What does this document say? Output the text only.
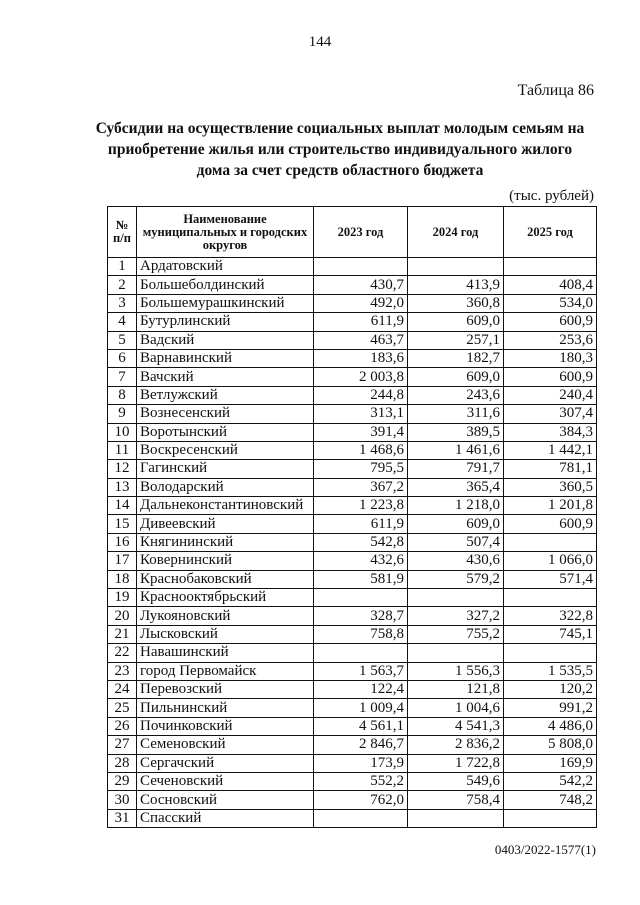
144
Таблица 86
Субсидии на осуществление социальных выплат молодым семьям на приобретение жилья или строительство индивидуального жилого дома за счет средств областного бюджета
(тыс. рублей)
№ п/п	Наименование муниципальных и городских округов	2023 год	2024 год	2025 год
1	Ардатовский			
2	Большеболдинский	430,7	413,9	408,4
3	Большемурашкинский	492,0	360,8	534,0
4	Бутурлинский	611,9	609,0	600,9
5	Вадский	463,7	257,1	253,6
6	Варнавинский	183,6	182,7	180,3
7	Вачский	2 003,8	609,0	600,9
8	Ветлужский	244,8	243,6	240,4
9	Вознесенский	313,1	311,6	307,4
10	Воротынский	391,4	389,5	384,3
11	Воскресенский	1 468,6	1 461,6	1 442,1
12	Гагинский	795,5	791,7	781,1
13	Володарский	367,2	365,4	360,5
14	Дальнеконстантиновский	1 223,8	1 218,0	1 201,8
15	Дивеевский	611,9	609,0	600,9
16	Княгининский	542,8	507,4	
17	Ковернинский	432,6	430,6	1 066,0
18	Краснобаковский	581,9	579,2	571,4
19	Краснооктябрьский			
20	Лукояновский	328,7	327,2	322,8
21	Лысковский	758,8	755,2	745,1
22	Навашинский			
23	город Первомайск	1 563,7	1 556,3	1 535,5
24	Перевозский	122,4	121,8	120,2
25	Пильнинский	1 009,4	1 004,6	991,2
26	Починковский	4 561,1	4 541,3	4 486,0
27	Семеновский	2 846,7	2 836,2	5 808,0
28	Сергачский	173,9	1 722,8	169,9
29	Сеченовский	552,2	549,6	542,2
30	Сосновский	762,0	758,4	748,2
31	Спасский			
0403/2022-1577(1)
